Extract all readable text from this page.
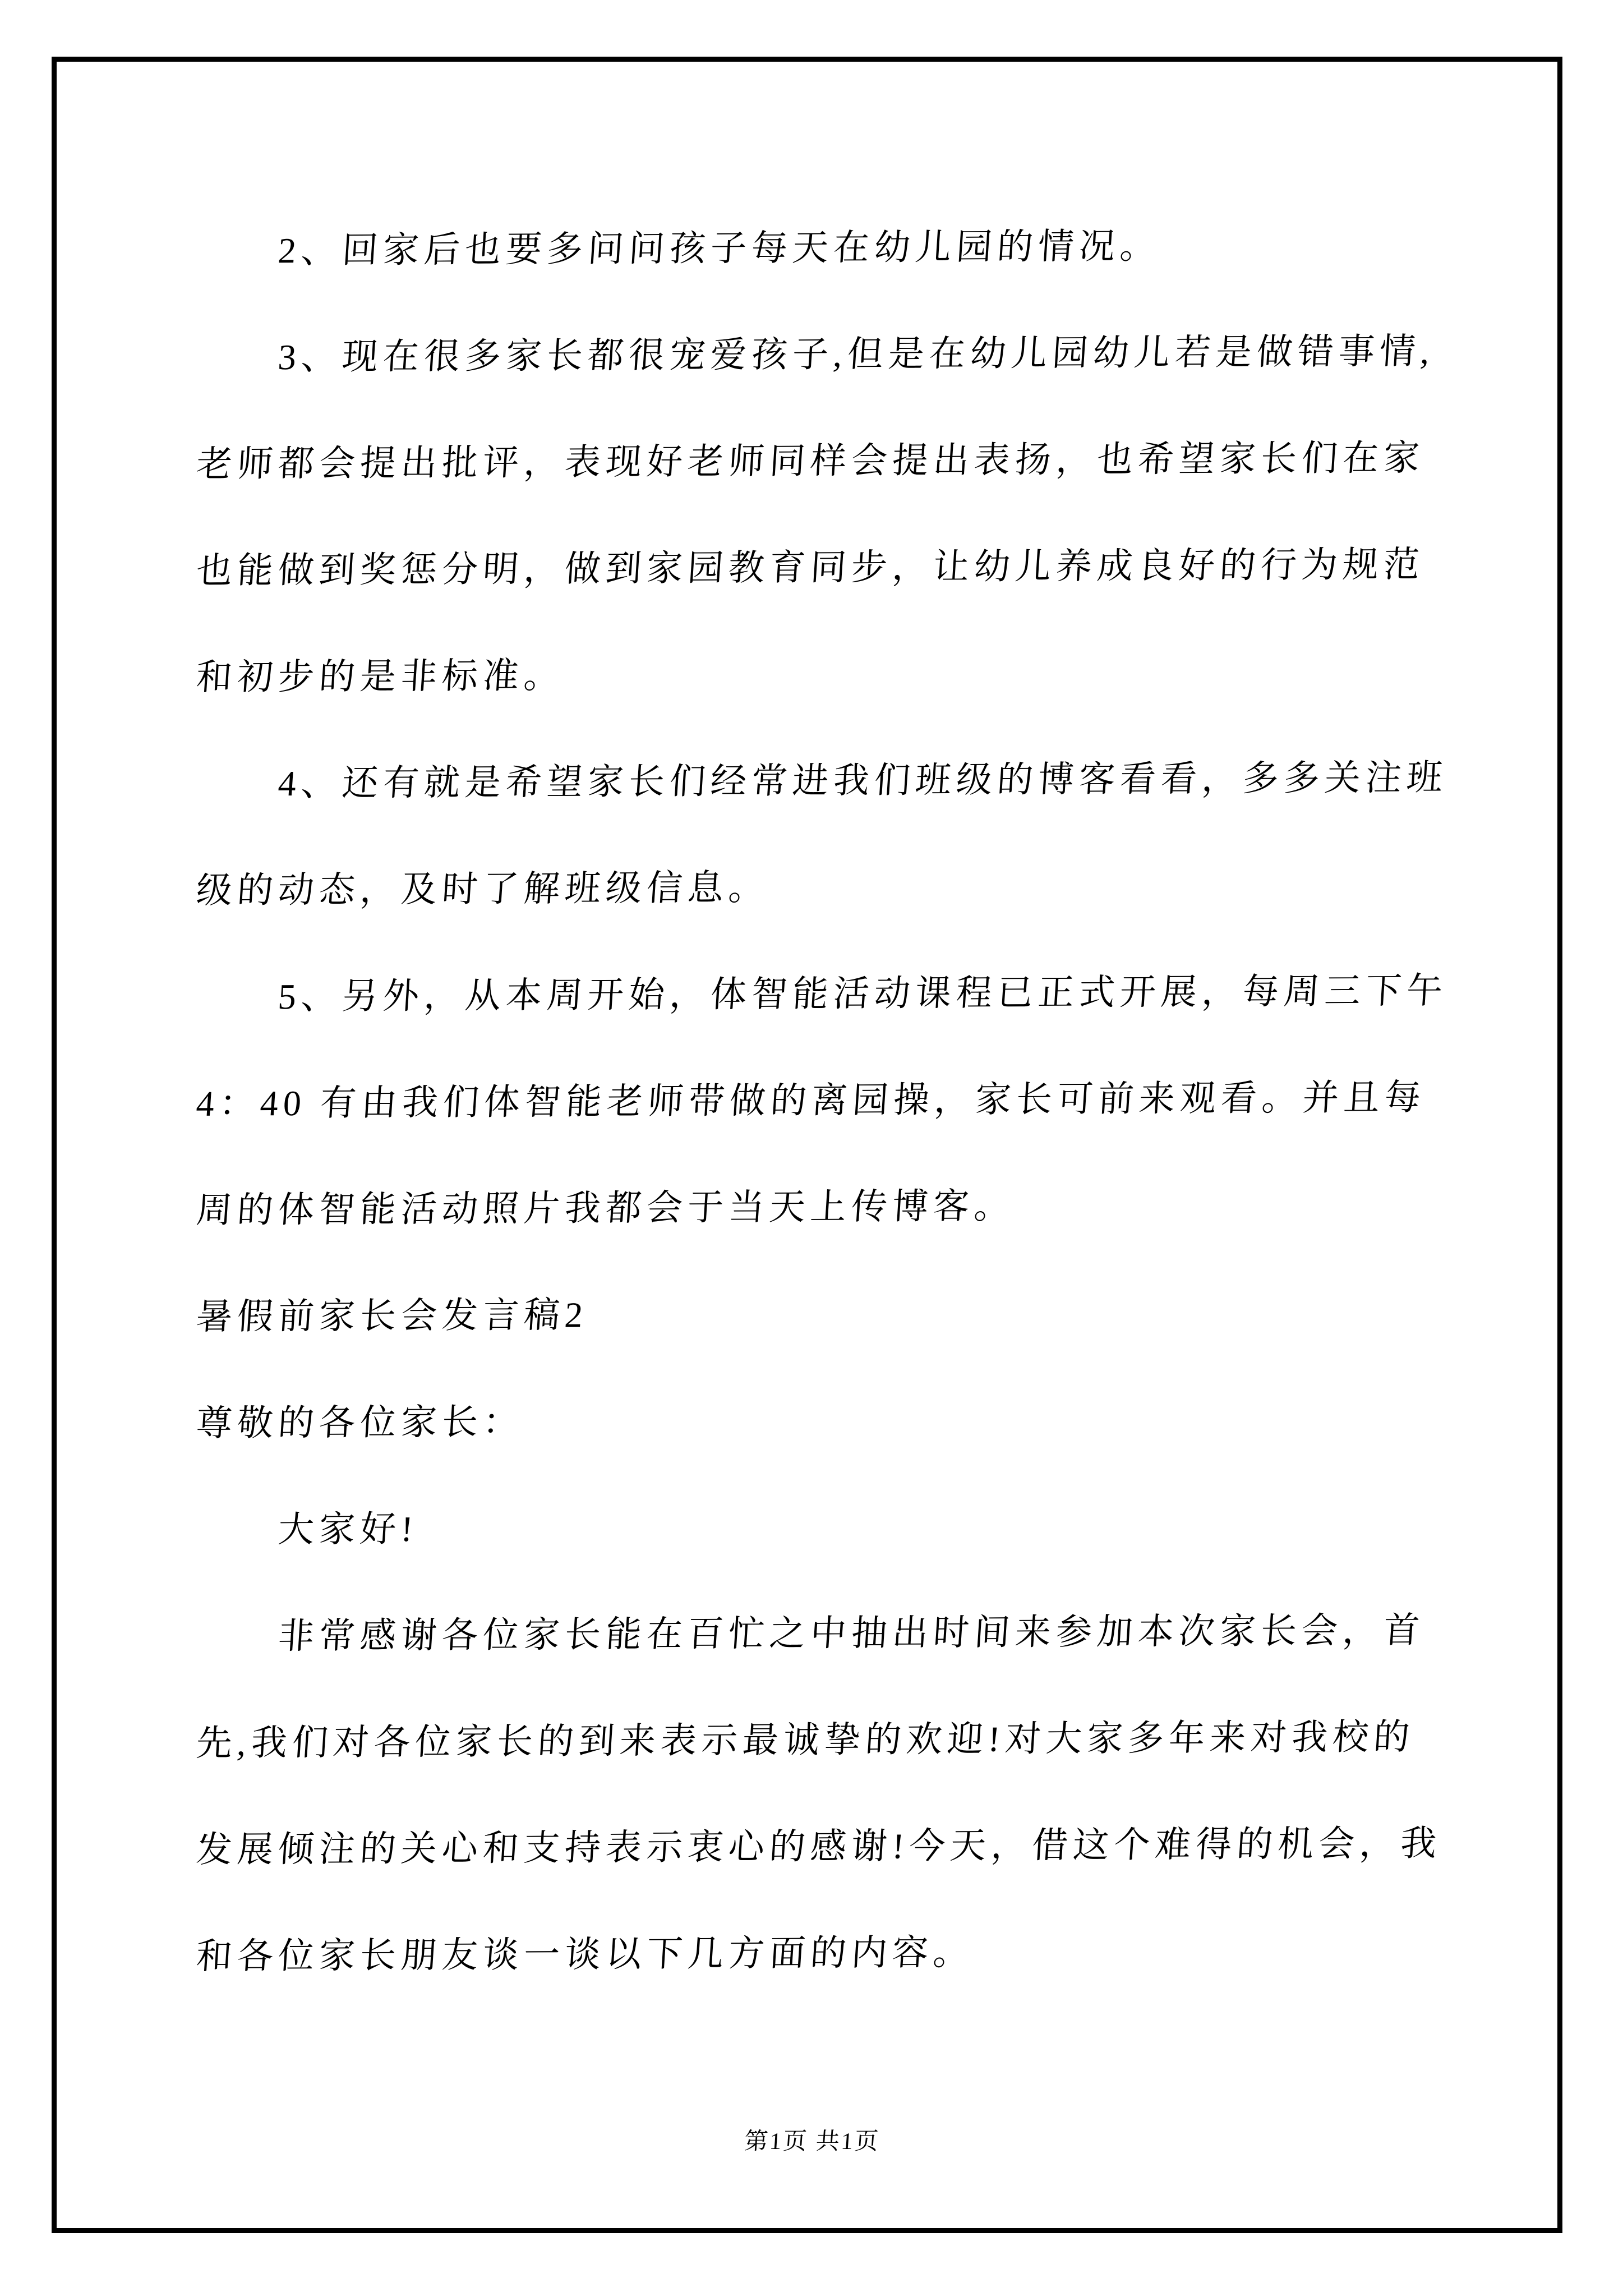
　　2、回家后也要多问问孩子每天在幼儿园的情况。
　　3、现在很多家长都很宠爱孩子,但是在幼儿园幼儿若是做错事情,
老师都会提出批评，表现好老师同样会提出表扬，也希望家长们在家
也能做到奖惩分明，做到家园教育同步，让幼儿养成良好的行为规范
和初步的是非标准。
　　4、还有就是希望家长们经常进我们班级的博客看看，多多关注班
级的动态，及时了解班级信息。
　　5、另外，从本周开始，体智能活动课程已正式开展，每周三下午
4：40 有由我们体智能老师带做的离园操，家长可前来观看。并且每
周的体智能活动照片我都会于当天上传博客。
暑假前家长会发言稿2
尊敬的各位家长：
　　大家好!
　　非常感谢各位家长能在百忙之中抽出时间来参加本次家长会，首
先,我们对各位家长的到来表示最诚挚的欢迎!对大家多年来对我校的
发展倾注的关心和支持表示衷心的感谢!今天，借这个难得的机会，我
和各位家长朋友谈一谈以下几方面的内容。
第1页 共1页
